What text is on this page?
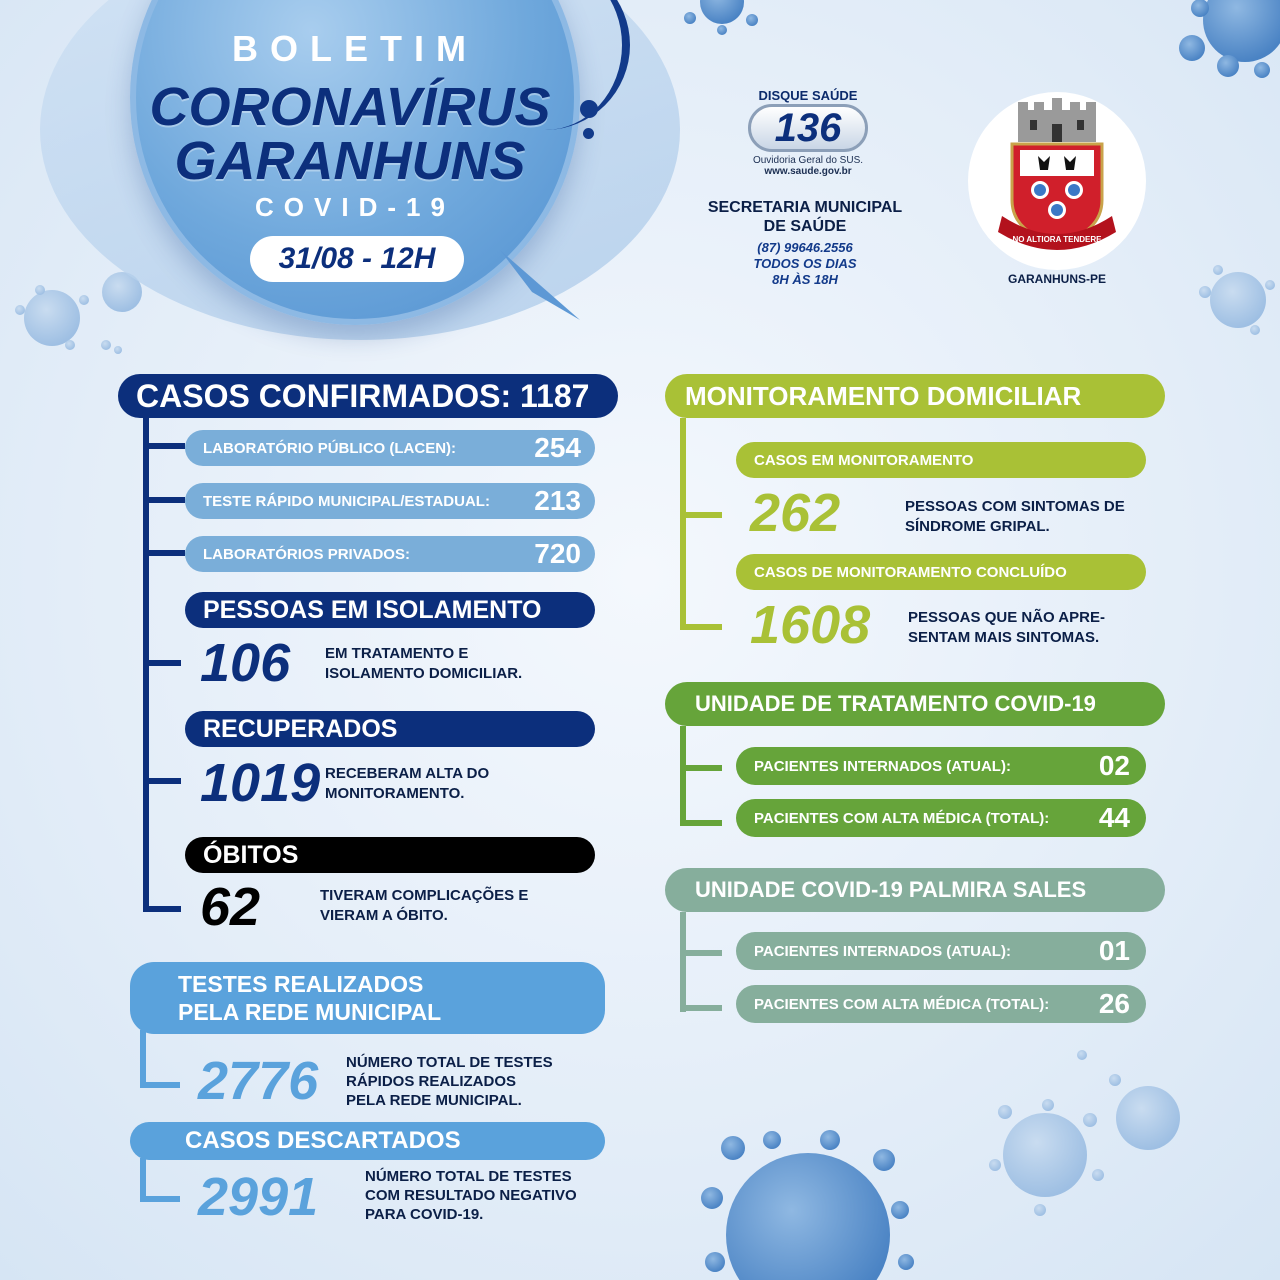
BOLETIM
CORONAVÍRUS
GARANHUNS
COVID-19
31/08 - 12H
DISQUE SAÚDE
136
Ouvidoria Geral do SUS.
www.saude.gov.br
SECRETARIA MUNICIPAL
DE SAÚDE
(87) 99646.2556
TODOS OS DIAS
8H ÀS 18H
NO ALTIORA TENDERE
GARANHUNS-PE
CASOS CONFIRMADOS: 1187
LABORATÓRIO PÚBLICO (LACEN):	254
TESTE RÁPIDO MUNICIPAL/ESTADUAL: 213
LABORATÓRIOS PRIVADOS:	720
PESSOAS EM ISOLAMENTO
106 EM TRATAMENTO E
ISOLAMENTO DOMICILIAR.
RECUPERADOS
1019 RECEBERAM ALTA DO
MONITORAMENTO.
ÓBITOS
62	TIVERAM COMPLICAÇÕES E
VIERAM A ÓBITO.
TESTES REALIZADOS
PELA REDE MUNICIPAL
2776 NÚMERO TOTAL DE TESTES
RÁPIDOS REALIZADOS
PELA REDE MUNICIPAL.
CASOS DESCARTADOS
2991	NÚMERO TOTAL DE TESTES
COM RESULTADO NEGATIVO
PARA COVID-19.
MONITORAMENTO DOMICILIAR
CASOS EM MONITORAMENTO
262	PESSOAS COM SINTOMAS DE
SÍNDROME GRIPAL.
CASOS DE MONITORAMENTO CONCLUÍDO
1608	PESSOAS QUE NÃO APRE-
SENTAM MAIS SINTOMAS.
UNIDADE DE TRATAMENTO COVID-19
PACIENTES INTERNADOS (ATUAL):	02
PACIENTES COM ALTA MÉDICA (TOTAL): 44
UNIDADE COVID-19 PALMIRA SALES
PACIENTES INTERNADOS (ATUAL):	01
PACIENTES COM ALTA MÉDICA (TOTAL): 26
